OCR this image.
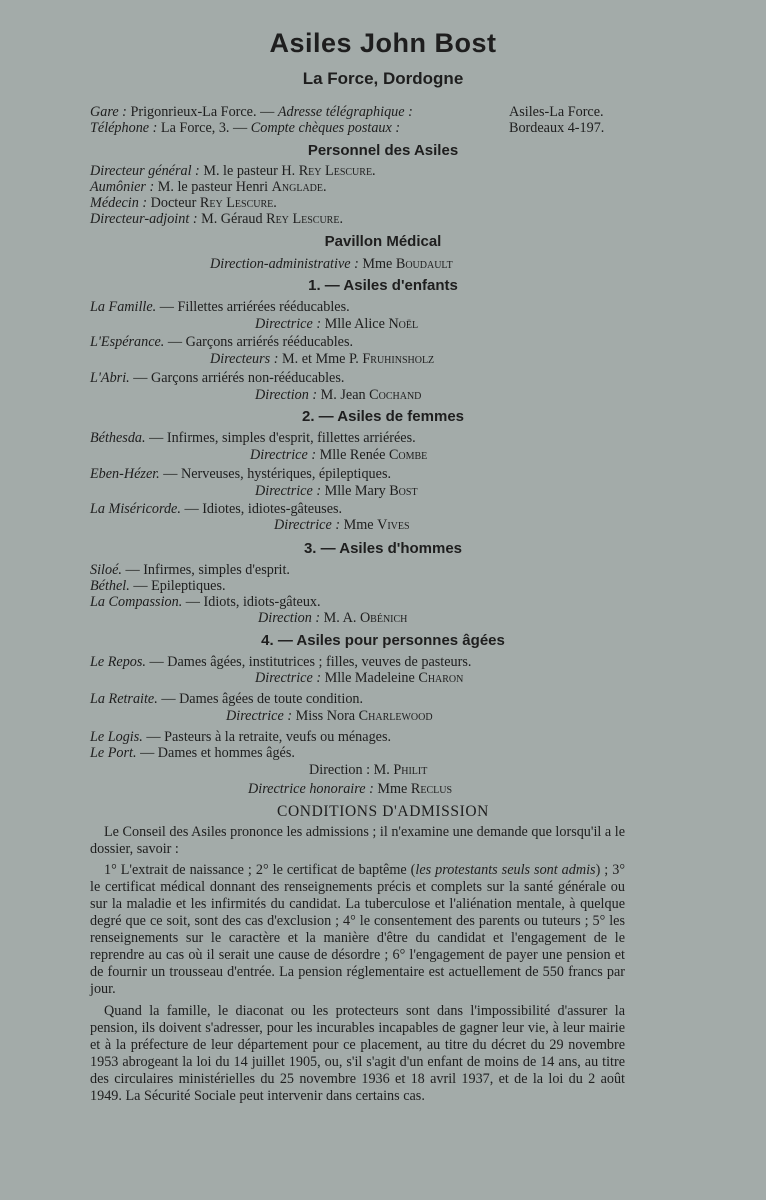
Asiles John Bost
La Force, Dordogne
Gare : Prigonrieux-La Force. — Adresse télégraphique :	Asiles-La Force.
Téléphone : La Force, 3. — Compte chèques postaux :	Bordeaux 4-197.
Personnel des Asiles
Directeur général : M. le pasteur H. Rey Lescure.
Aumônier : M. le pasteur Henri Anglade.
Médecin : Docteur Rey Lescure.
Directeur-adjoint : M. Géraud Rey Lescure.
Pavillon Médical
Direction-administrative : Mme Boudault
1. — Asiles d'enfants
La Famille. — Fillettes arriérées rééducables.
Directrice : Mlle Alice Noël
L'Espérance. — Garçons arriérés rééducables.
Directeurs : M. et Mme P. Fruhinsholz
L'Abri. — Garçons arriérés non-rééducables.
Direction : M. Jean Cochand
2. — Asiles de femmes
Béthesda. — Infirmes, simples d'esprit, fillettes arriérées.
Directrice : Mlle Renée Combe
Eben-Hézer. — Nerveuses, hystériques, épileptiques.
Directrice : Mlle Mary Bost
La Miséricorde. — Idiotes, idiotes-gâteuses.
Directrice : Mme Vives
3. — Asiles d'hommes
Siloé. — Infirmes, simples d'esprit.
Béthel. — Epileptiques.
La Compassion. — Idiots, idiots-gâteux.
Direction : M. A. Obénich
4. — Asiles pour personnes âgées
Le Repos. — Dames âgées, institutrices ; filles, veuves de pasteurs.
Directrice : Mlle Madeleine Charon
La Retraite. — Dames âgées de toute condition.
Directrice : Miss Nora Charlewood
Le Logis. — Pasteurs à la retraite, veufs ou ménages.
Le Port. — Dames et hommes âgés.
Direction : M. Philit
Directrice honoraire : Mme Reclus
CONDITIONS D'ADMISSION
Le Conseil des Asiles prononce les admissions ; il n'examine une demande que lorsqu'il a le dossier, savoir :
1° L'extrait de naissance ; 2° le certificat de baptême (les protestants seuls sont admis) ; 3° le certificat médical donnant des renseignements précis et complets sur la santé générale ou sur la maladie et les infirmités du candidat. La tuberculose et l'aliénation mentale, à quelque degré que ce soit, sont des cas d'exclusion ; 4° le consentement des parents ou tuteurs ; 5° les renseignements sur le caractère et la manière d'être du candidat et l'engagement de le reprendre au cas où il serait une cause de désordre ; 6° l'engagement de payer une pension et de fournir un trousseau d'entrée. La pension réglementaire est actuellement de 550 francs par jour.
Quand la famille, le diaconat ou les protecteurs sont dans l'impossibilité d'assurer la pension, ils doivent s'adresser, pour les incurables incapables de gagner leur vie, à leur mairie et à la préfecture de leur département pour ce placement, au titre du décret du 29 novembre 1953 abrogeant la loi du 14 juillet 1905, ou, s'il s'agit d'un enfant de moins de 14 ans, au titre des circulaires ministérielles du 25 novembre 1936 et 18 avril 1937, et de la loi du 2 août 1949. La Sécurité Sociale peut intervenir dans certains cas.
